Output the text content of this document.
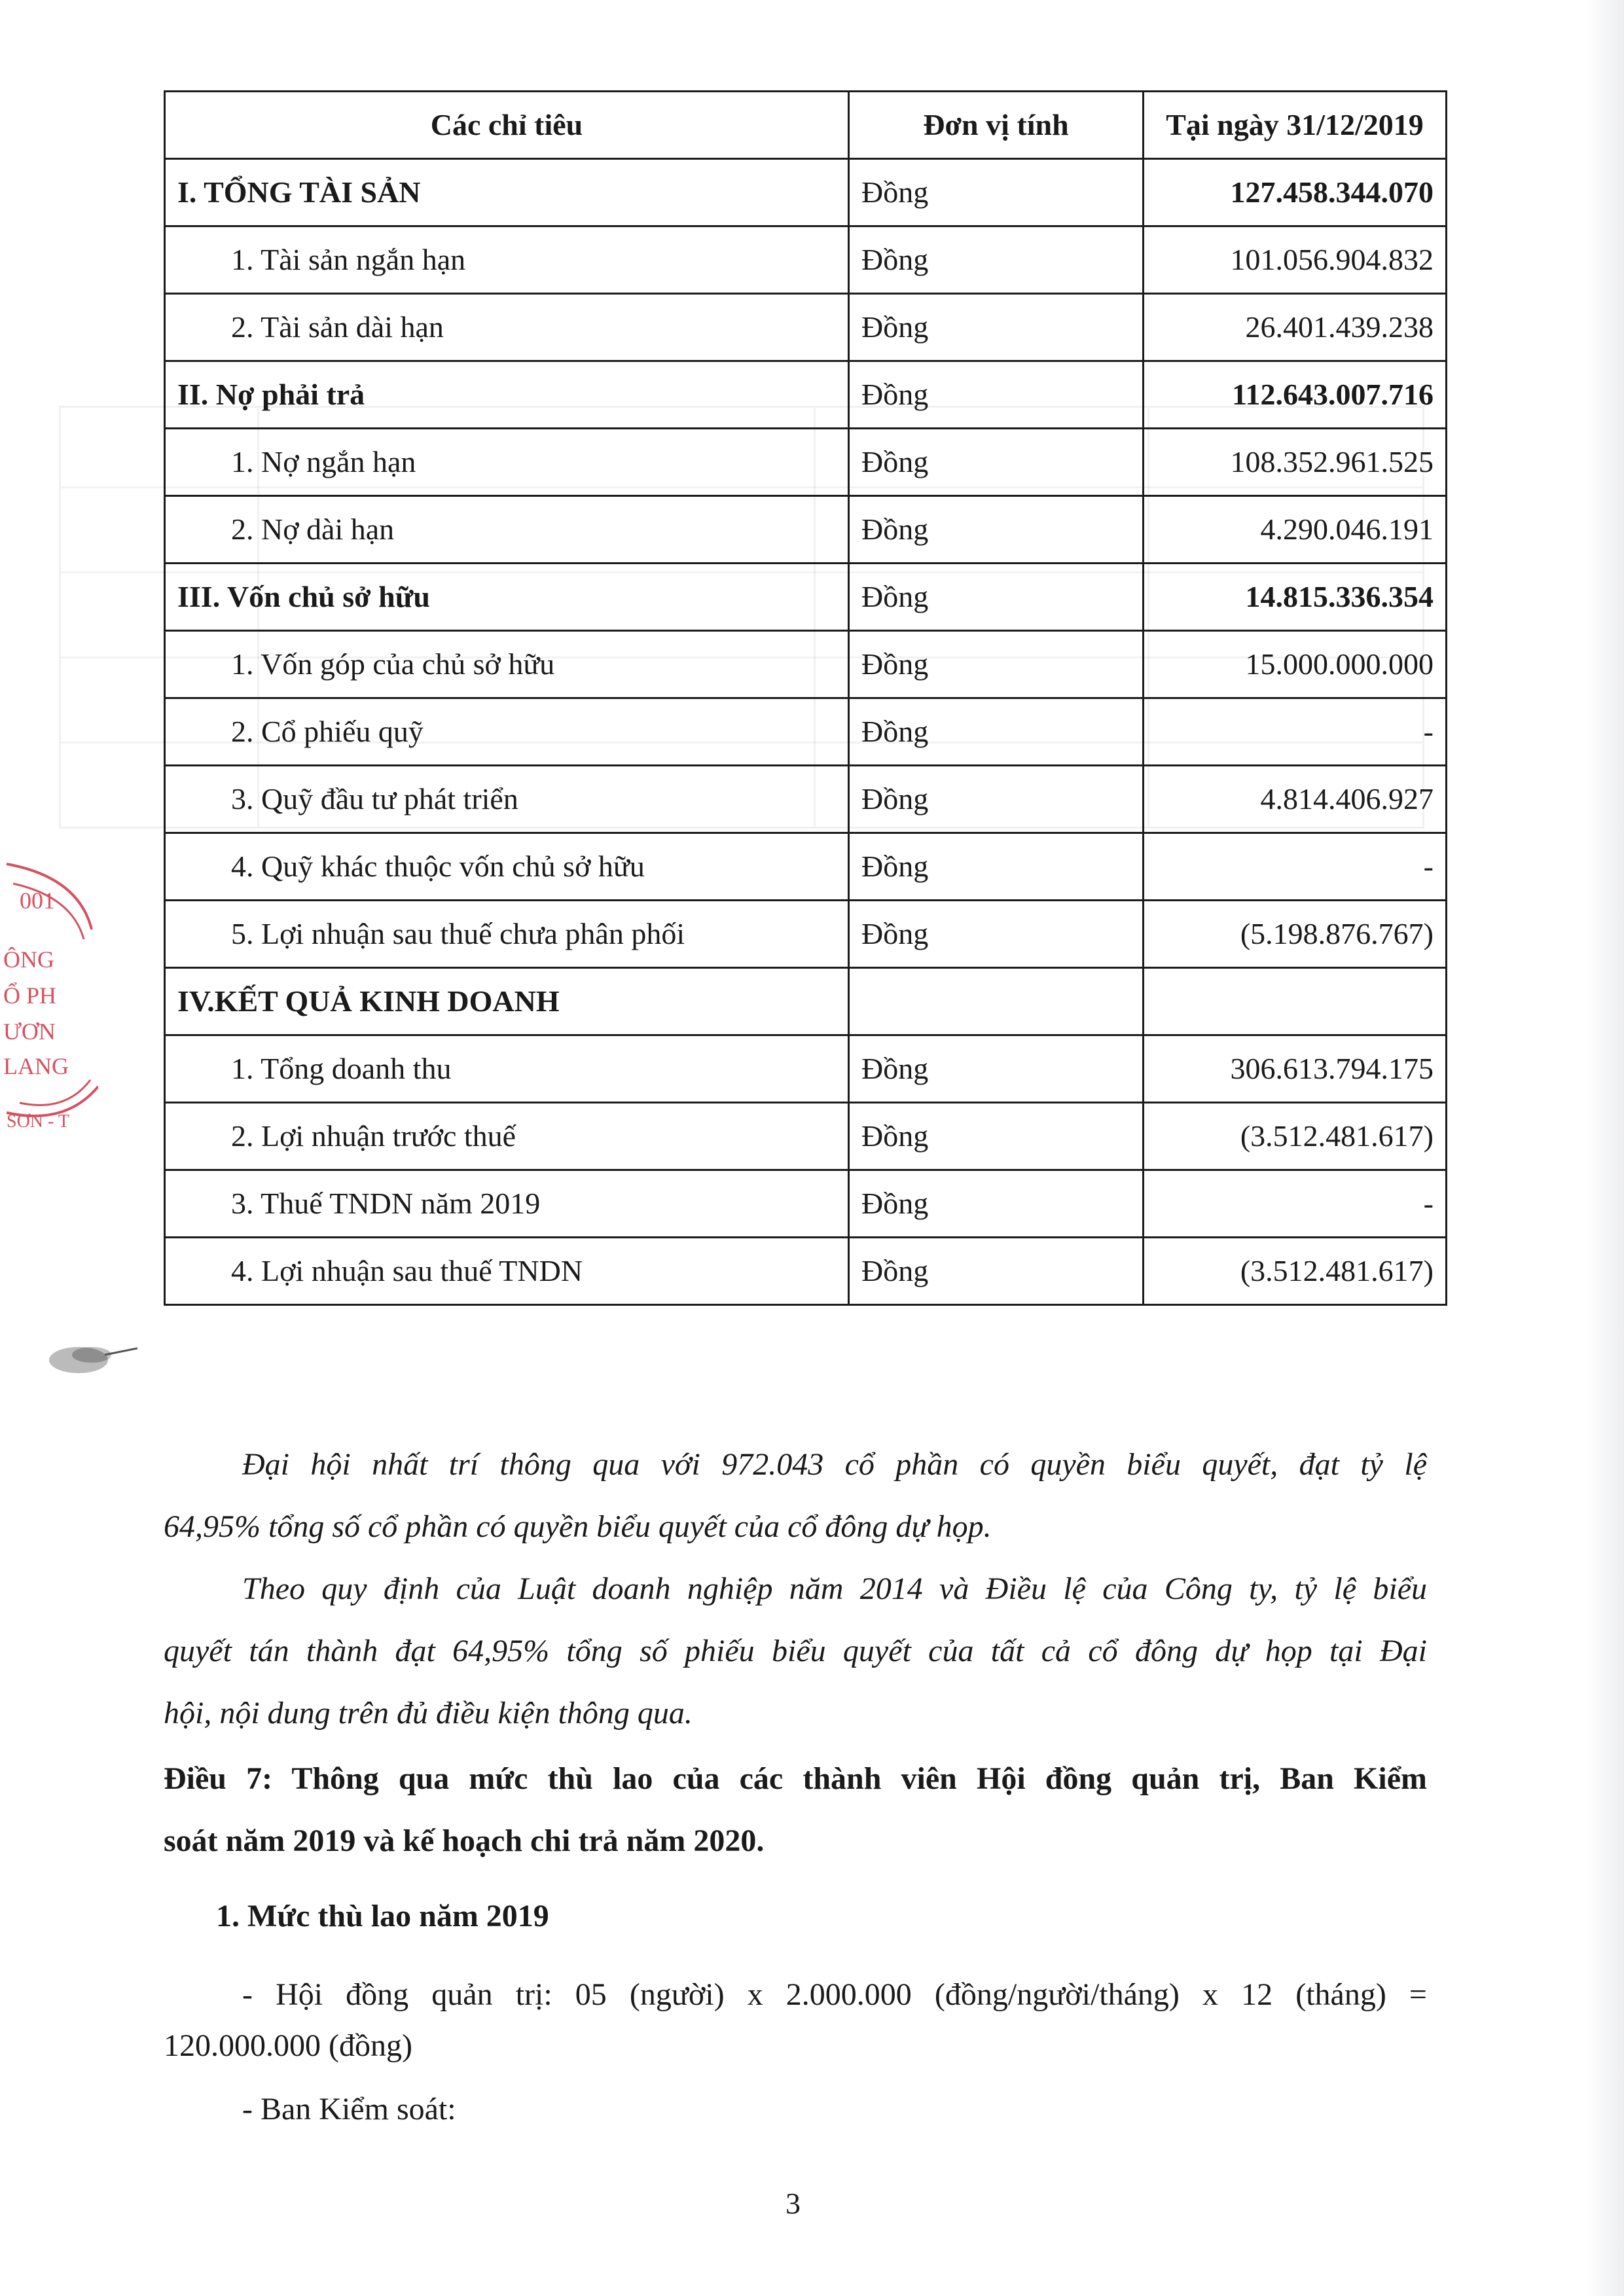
Các chỉ tiêu	Đơn vị tính	Tại ngày 31/12/2019
I. TỔNG TÀI SẢN	Đồng	127.458.344.070
1. Tài sản ngắn hạn	Đồng	101.056.904.832
2. Tài sản dài hạn	Đồng	26.401.439.238
II. Nợ phải trả	Đồng	112.643.007.716
1. Nợ ngắn hạn	Đồng	108.352.961.525
2. Nợ dài hạn	Đồng	4.290.046.191
III. Vốn chủ sở hữu	Đồng	14.815.336.354
1. Vốn góp của chủ sở hữu	Đồng	15.000.000.000
2. Cổ phiếu quỹ	Đồng	-
3. Quỹ đầu tư phát triển	Đồng	4.814.406.927
4. Quỹ khác thuộc vốn chủ sở hữu	Đồng	-
5. Lợi nhuận sau thuế chưa phân phối	Đồng	(5.198.876.767)
IV.KẾT QUẢ KINH DOANH		
1. Tổng doanh thu	Đồng	306.613.794.175
2. Lợi nhuận trước thuế	Đồng	(3.512.481.617)
3. Thuế TNDN năm 2019	Đồng	-
4. Lợi nhuận sau thuế TNDN	Đồng	(3.512.481.617)
Đại hội nhất trí thông qua với 972.043 cổ phần có quyền biểu quyết, đạt tỷ lệ
64,95% tổng số cổ phần có quyền biểu quyết của cổ đông dự họp.
Theo quy định của Luật doanh nghiệp năm 2014 và Điều lệ của Công ty, tỷ lệ biểu
quyết tán thành đạt 64,95% tổng số phiếu biểu quyết của tất cả cổ đông dự họp tại Đại
hội, nội dung trên đủ điều kiện thông qua.
Điều 7: Thông qua mức thù lao của các thành viên Hội đồng quản trị, Ban Kiểm
soát năm 2019 và kế hoạch chi trả năm 2020.
1. Mức thù lao năm 2019
- Hội đồng quản trị: 05 (người) x 2.000.000 (đồng/người/tháng) x 12 (tháng) =
120.000.000 (đồng)
- Ban Kiểm soát:
001
ÔNG
Ổ PH
ƯƠN
LANG
SƠN - T
3
